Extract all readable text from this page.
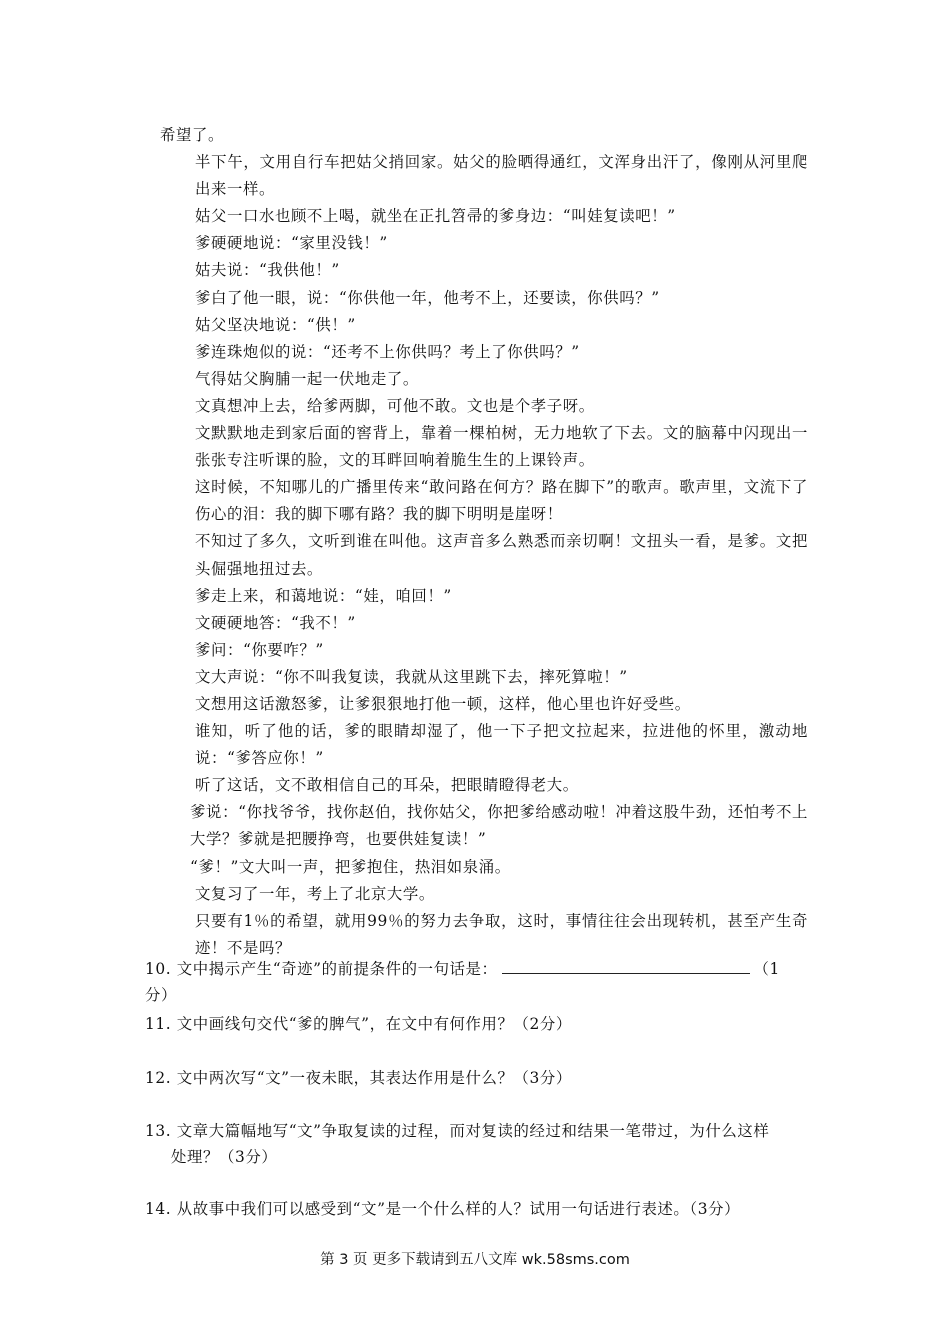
希望了。

半下午，文用自行车把姑父捎回家。姑父的脸晒得通红，文浑身出汗了，像刚从河里爬出来一样。

姑父一口水也顾不上喝，就坐在正扎笤帚的爹身边：“叫娃复读吧！”

爹硬硬地说：“家里没钱！”

姑夫说：“我供他！”

爹白了他一眼，说：“你供他一年，他考不上，还要读，你供吗？”

姑父坚决地说：“供！”

爹连珠炮似的说：“还考不上你供吗？考上了你供吗？”

气得姑父胸脯一起一伏地走了。

文真想冲上去，给爹两脚，可他不敢。文也是个孝子呀。

文默默地走到家后面的窖背上，靠着一棵柏树，无力地软了下去。文的脑幕中闪现出一张张专注听课的脸，文的耳畔回响着脆生生的上课铃声。

这时候，不知哪儿的广播里传来“敢问路在何方？路在脚下”的歌声。歌声里，文流下了伤心的泪：我的脚下哪有路？我的脚下明明是崖呀！

不知过了多久，文听到谁在叫他。这声音多么熟悉而亲切啊！文扭头一看，是爹。文把头倔强地扭过去。

爹走上来，和蔼地说：“娃，咱回！”

文硬硬地答：“我不！”

爹问：“你要咋？”

文大声说：“你不叫我复读，我就从这里跳下去，摔死算啦！”

文想用这话激怒爹，让爹狠狠地打他一顿，这样，他心里也许好受些。

谁知，听了他的话，爹的眼睛却湿了，他一下子把文拉起来，拉进他的怀里，激动地说：“爹答应你！”

听了这话，文不敢相信自己的耳朵，把眼睛瞪得老大。

爹说：“你找爷爷，找你赵伯，找你姑父，你把爹给感动啦！冲着这股牛劲，还怕考不上大学？爹就是把腰挣弯，也要供娃复读！”

“爹！”文大叫一声，把爹抱住，热泪如泉涌。

文复习了一年，考上了北京大学。

只要有1％的希望，就用99％的努力去争取，这时，事情往往会出现转机，甚至产生奇迹！不是吗？

10. 文中揭示产生“奇迹”的前提条件的一句话是：	（1
分）

11. 文中画线句交代“爹的脾气”，在文中有何作用？（2分）

12. 文中两次写“文”一夜未眠，其表达作用是什么？（3分）

13. 文章大篇幅地写“文”争取复读的过程，而对复读的经过和结果一笔带过，为什么这样
处理？（3分）

14. 从故事中我们可以感受到“文”是一个什么样的人？试用一句话进行表述。（3分）

第 3 页 更多下载请到五八文库 wk.58sms.com
